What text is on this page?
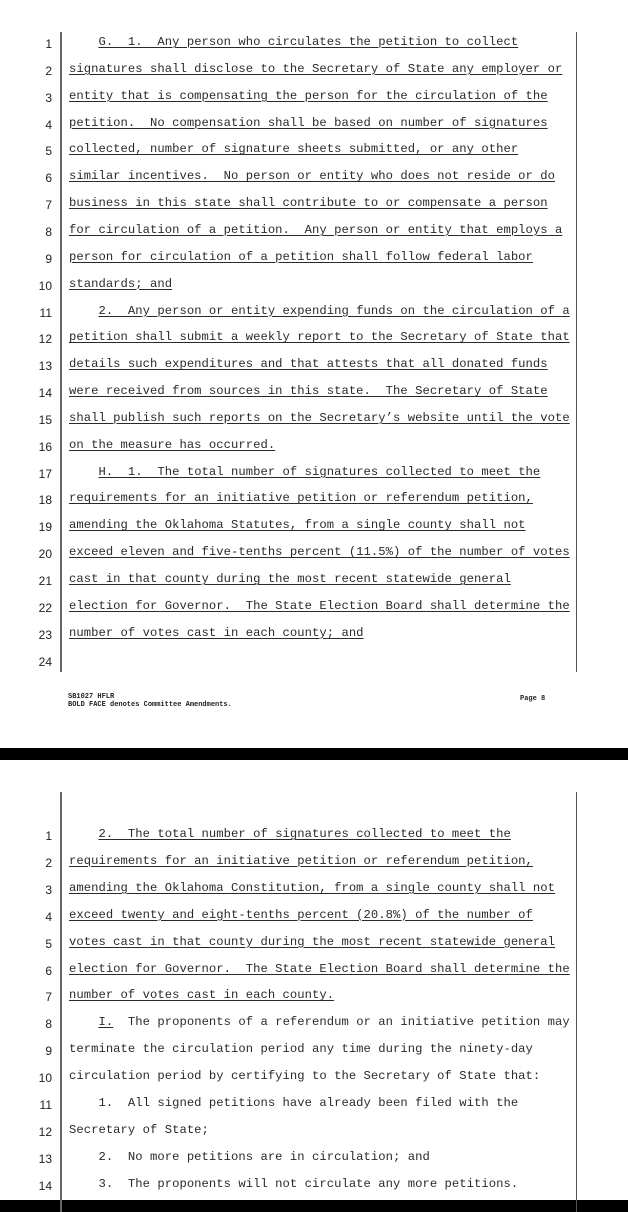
1	G.  1.  Any person who circulates the petition to collect
2 signatures shall disclose to the Secretary of State any employer or
3 entity that is compensating the person for the circulation of the
4 petition.  No compensation shall be based on number of signatures
5 collected, number of signature sheets submitted, or any other
6 similar incentives.  No person or entity who does not reside or do
7 business in this state shall contribute to or compensate a person
8 for circulation of a petition.  Any person or entity that employs a
9 person for circulation of a petition shall follow federal labor
10 standards; and
11	2.  Any person or entity expending funds on the circulation of a
12 petition shall submit a weekly report to the Secretary of State that
13 details such expenditures and that attests that all donated funds
14 were received from sources in this state.  The Secretary of State
15 shall publish such reports on the Secretary’s website until the vote
16 on the measure has occurred.
17	H.  1.  The total number of signatures collected to meet the
18 requirements for an initiative petition or referendum petition,
19 amending the Oklahoma Statutes, from a single county shall not
20 exceed eleven and five-tenths percent (11.5%) of the number of votes
21 cast in that county during the most recent statewide general
22 election for Governor.  The State Election Board shall determine the
23 number of votes cast in each county; and
24
SB1027 HFLR
BOLD FACE denotes Committee Amendments.
Page 8
1	2.  The total number of signatures collected to meet the
2 requirements for an initiative petition or referendum petition,
3 amending the Oklahoma Constitution, from a single county shall not
4 exceed twenty and eight-tenths percent (20.8%) of the number of
5 votes cast in that county during the most recent statewide general
6 election for Governor.  The State Election Board shall determine the
7 number of votes cast in each county.
8	I.  The proponents of a referendum or an initiative petition may
9 terminate the circulation period any time during the ninety-day
10 circulation period by certifying to the Secretary of State that:
11 1.  All signed petitions have already been filed with the
12 Secretary of State;
13 2.  No more petitions are in circulation; and
14 3.  The proponents will not circulate any more petitions.
